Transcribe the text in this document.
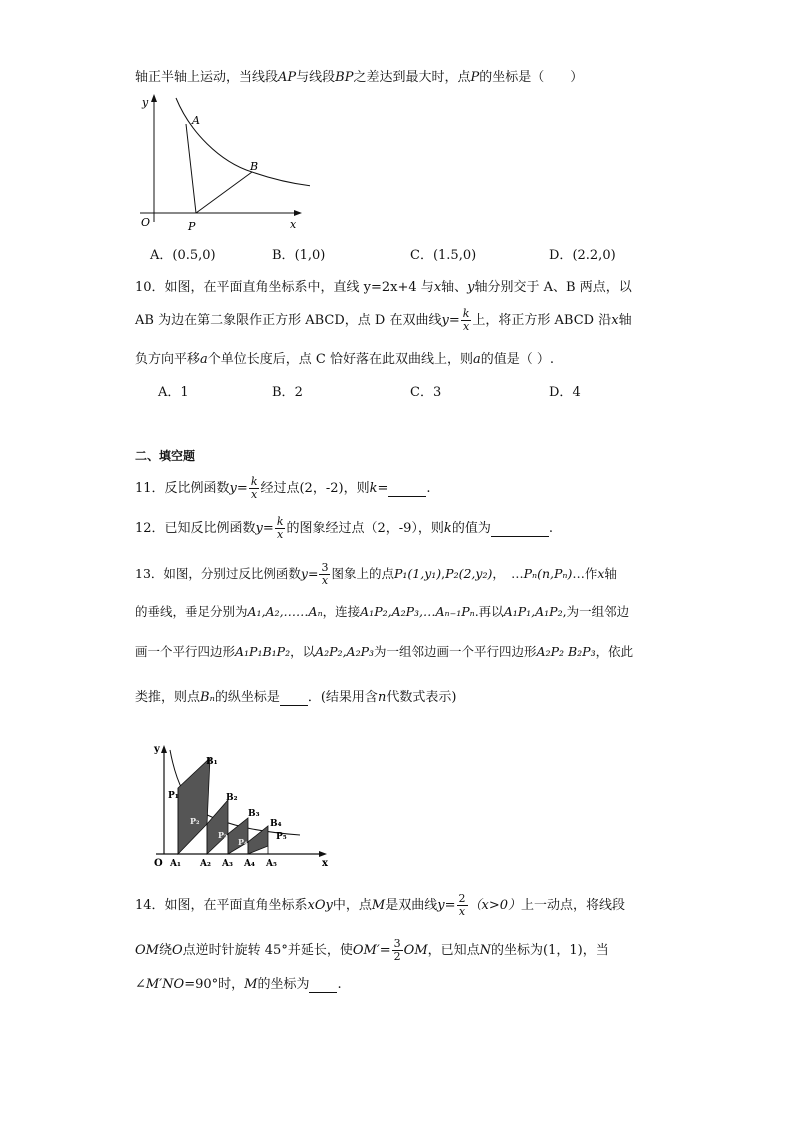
轴正半轴上运动，当线段AP与线段BP之差达到最大时，点P的坐标是（　　）
y
x
O
A
B
P
A．(0.5,0)	B．(1,0)	C．(1.5,0)	D．(2.2,0)
10．如图，在平面直角坐标系中，直线 y=2x+4 与x轴、y轴分别交于 A、B 两点，以
AB 为边在第二象限作正方形 ABCD，点 D 在双曲线$y= \frac{k}{x}$ 上，将正方形 ABCD 沿x轴
负方向平移a个单位长度后，点 C 恰好落在此双曲线上，则a的值是（ ）.
A．1	B．2	C．3	D．4
二、填空题
11．反比例函数$y= \frac{k}{x}$ 经过点(2，-2)，则k=	.
12．已知反比例函数$y= \frac{k}{x}$ 的图象经过点（2，-9），则k的值为	.
13．如图，分别过反比例函数$y= \frac{3}{x}$ 图象上的点P₁(1,y₁),P₂(2,y₂)，　…Pₙ(n,Pₙ)…作x轴
的垂线，垂足分别为A₁,A₂,……Aₙ，连接A₁P₂,A₂P₃,…Aₙ₋₁Pₙ.再以A₁P₁,A₁P₂,为一组邻边
画一个平行四边形A₁P₁B₁P₂，以A₂P₂,A₂P₃为一组邻边画一个平行四边形A₂P₂ B₂P₃，依此
类推，则点Bₙ的纵坐标是 ．(结果用含n代数式表示)
y
x
O
B₁
B₂
B₃
B₄
P₁
P₂
P₃
P₄	P₅
A₁ A₂ A₃ A₄ A₅
14．如图，在平面直角坐标系xOy中，点M是双曲线$y= \frac{2}{x} (x>0)$上一动点，将线段
OM绕O点逆时针旋转 45°并延长，使$OM'= \frac{3}{2}$ OM，已知点N的坐标为(1，1)，当
∠M′NO=90°时，M的坐标为 .
